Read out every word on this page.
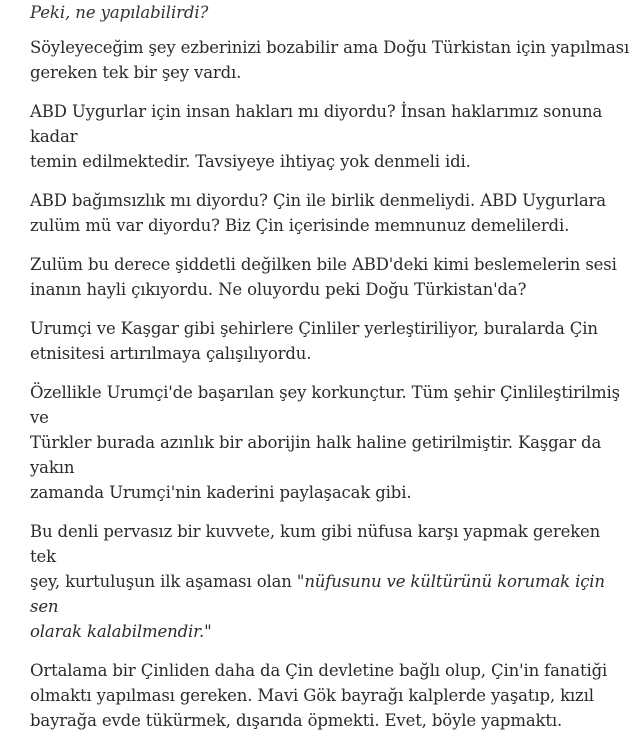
Peki, ne yapılabilirdi?

Söyleyeceğim şey ezberinizi bozabilir ama Doğu Türkistan için yapılması
gereken tek bir şey vardı.

ABD Uygurlar için insan hakları mı diyordu? İnsan haklarımız sonuna kadar
temin edilmektedir. Tavsiyeye ihtiyaç yok denmeli idi.

ABD bağımsızlık mı diyordu? Çin ile birlik denmeliydi. ABD Uygurlara
zulüm mü var diyordu? Biz Çin içerisinde memnunuz demelilerdi.

Zulüm bu derece şiddetli değilken bile ABD'deki kimi beslemelerin sesi
inanın hayli çıkıyordu. Ne oluyordu peki Doğu Türkistan'da?

Urumçi ve Kaşgar gibi şehirlere Çinliler yerleştiriliyor, buralarda Çin
etnisitesi artırılmaya çalışılıyordu.

Özellikle Urumçi'de başarılan şey korkunçtur. Tüm şehir Çinlileştirilmiş ve
Türkler burada azınlık bir aborijin halk haline getirilmiştir. Kaşgar da yakın
zamanda Urumçi'nin kaderini paylaşacak gibi.

Bu denli pervasız bir kuvvete, kum gibi nüfusa karşı yapmak gereken tek
şey, kurtuluşun ilk aşaması olan "nüfusunu ve kültürünü korumak için sen
olarak kalabilmendir."

Ortalama bir Çinliden daha da Çin devletine bağlı olup, Çin'in fanatiği
olmaktı yapılması gereken. Mavi Gök bayrağı kalplerde yaşatıp, kızıl
bayrağa evde tükürmek, dışarıda öpmekti. Evet, böyle yapmaktı.
